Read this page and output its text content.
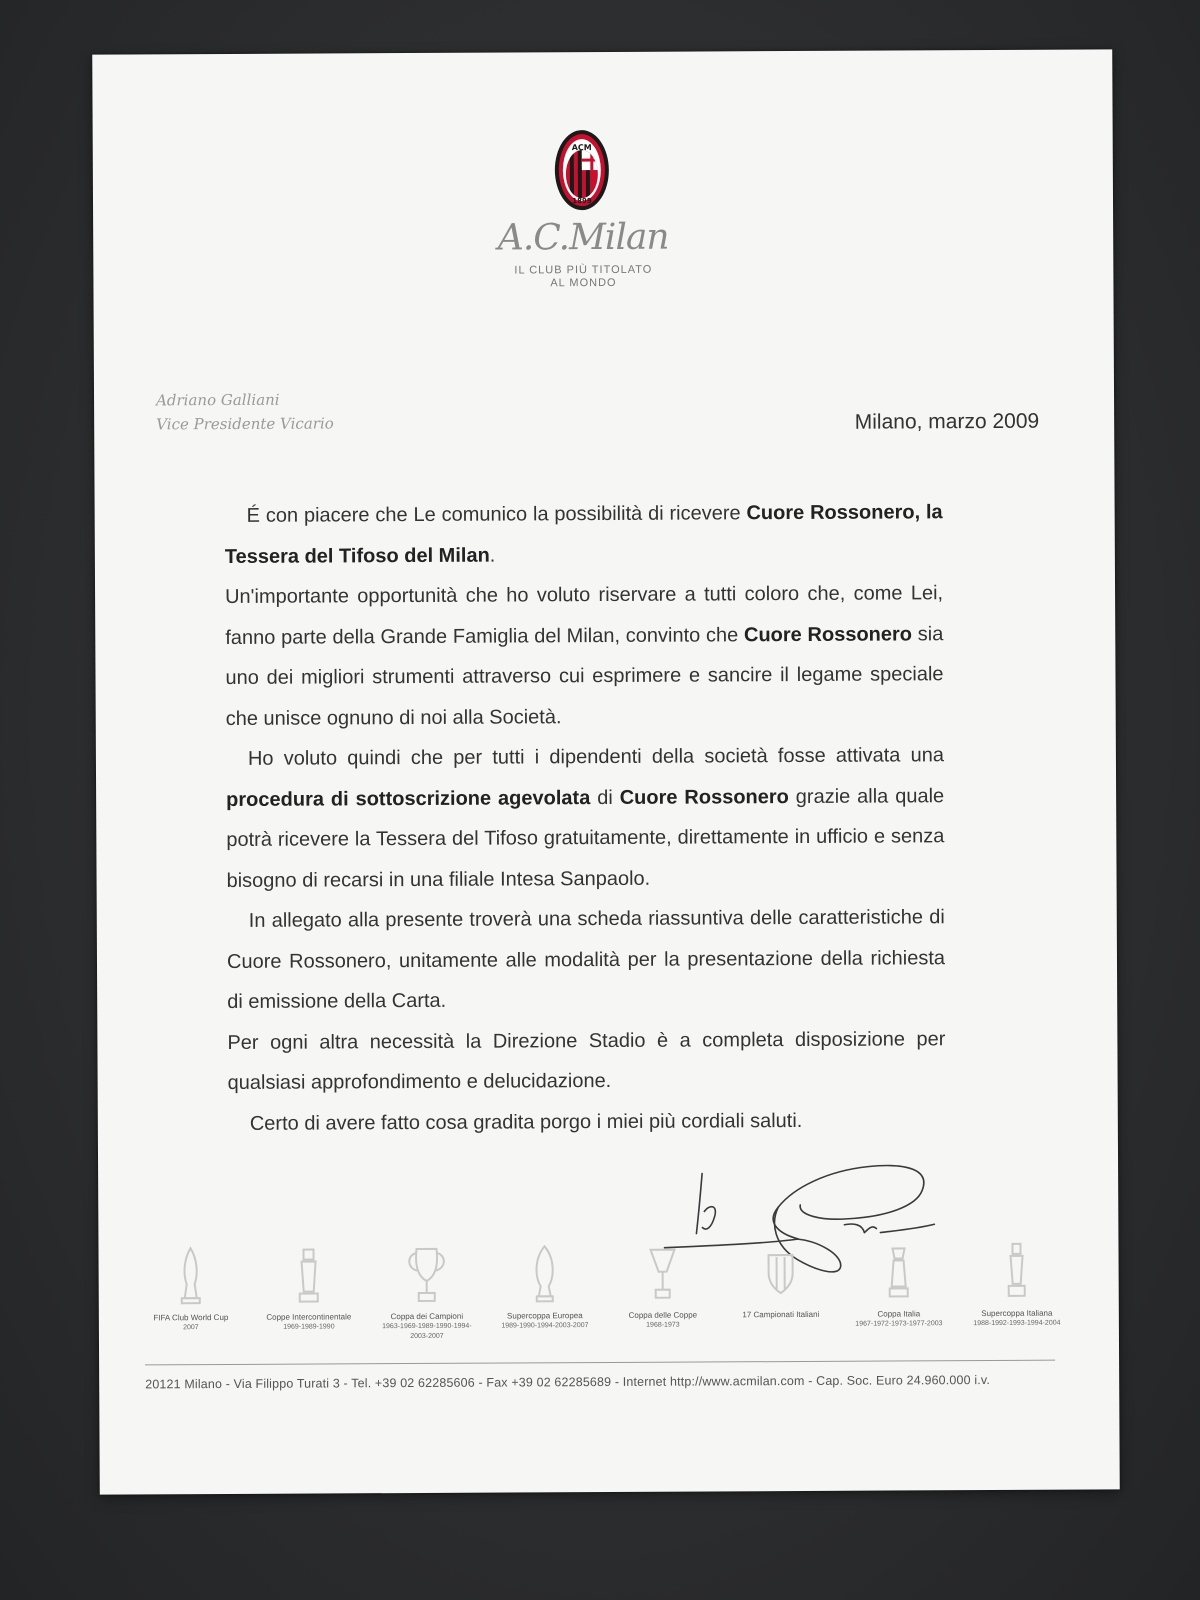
ACM
1899
A.C.Milan
IL CLUB PIÙ TITOLATO
AL MONDO
Adriano Galliani
Vice Presidente Vicario	Milano, marzo 2009

É con piacere che Le comunico la possibilità di ricevere Cuore Rossonero, la Tessera del Tifoso del Milan.

Un'importante opportunità che ho voluto riservare a tutti coloro che, come Lei, fanno parte della Grande Famiglia del Milan, convinto che Cuore Rossonero sia uno dei migliori strumenti attraverso cui esprimere e sancire il legame speciale che unisce ognuno di noi alla Società.

Ho voluto quindi che per tutti i dipendenti della società fosse attivata una procedura di sottoscrizione agevolata di Cuore Rossonero grazie alla quale potrà ricevere la Tessera del Tifoso gratuitamente, direttamente in ufficio e senza bisogno di recarsi in una filiale Intesa Sanpaolo.

In allegato alla presente troverà una scheda riassuntiva delle caratteristiche di Cuore Rossonero, unitamente alle modalità per la presentazione della richiesta di emissione della Carta.

Per ogni altra necessità la Direzione Stadio è a completa disposizione per qualsiasi approfondimento e delucidazione.

Certo di avere fatto cosa gradita porgo i miei più cordiali saluti.

FIFA Club World Cup
2007
Coppe Intercontinentale
1969-1989-1990
Coppa dei Campioni
1963-1969-1989-1990-1994-2003-2007
Supercoppa Europea
1989-1990-1994-2003-2007
Coppa delle Coppe
1968-1973
17 Campionati Italiani	Coppa Italia
1967-1972-1973-1977-2003
Supercoppa Italiana
1988-1992-1993-1994-2004
20121 Milano - Via Filippo Turati 3 - Tel. +39 02 62285606 - Fax +39 02 62285689 - Internet http://www.acmilan.com - Cap. Soc. Euro 24.960.000 i.v.
